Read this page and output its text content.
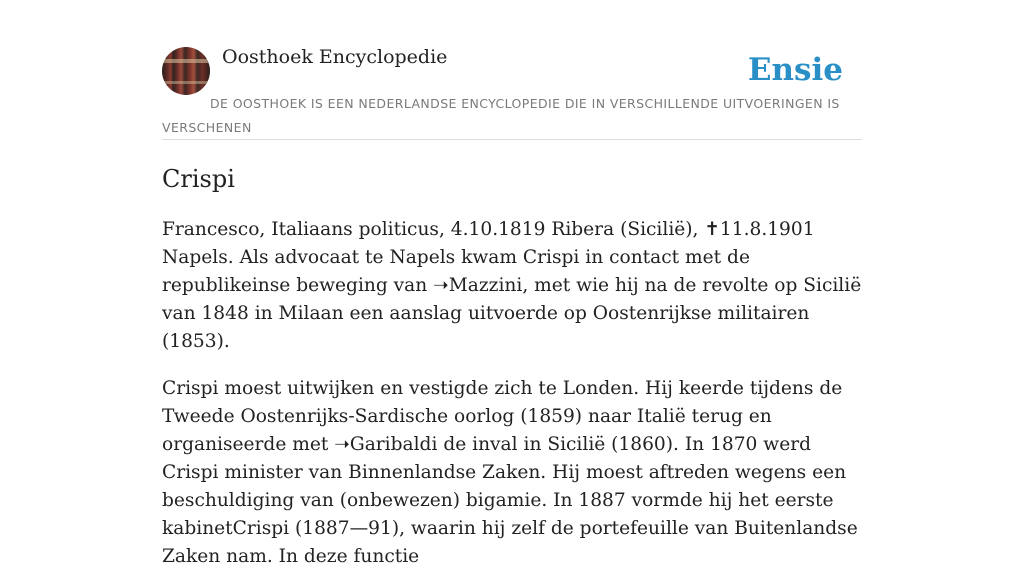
Oosthoek Encyclopedie	Ensie
DE OOSTHOEK IS EEN NEDERLANDSE ENCYCLOPEDIE DIE IN VERSCHILLENDE UITVOERINGEN IS VERSCHENEN
Crispi

Francesco, Italiaans politicus, 4.10.1819 Ribera (Sicilië), ✝11.8.1901 Napels. Als advocaat te Napels kwam Crispi in contact met de republikeinse beweging van ➝Mazzini, met wie hij na de revolte op Sicilië van 1848 in Milaan een aanslag uitvoerde op Oostenrijkse militairen (1853).

Crispi moest uitwijken en vestigde zich te Londen. Hij keerde tijdens de Tweede Oostenrijks-Sardische oorlog (1859) naar Italië terug en organiseerde met ➝Garibaldi de inval in Sicilië (1860). In 1870 werd Crispi minister van Binnenlandse Zaken. Hij moest aftreden wegens een beschuldiging van (onbewezen) bigamie. In 1887 vormde hij het eerste kabinetCrispi (1887—91), waarin hij zelf de portefeuille van Buitenlandse Zaken nam. In deze functie
